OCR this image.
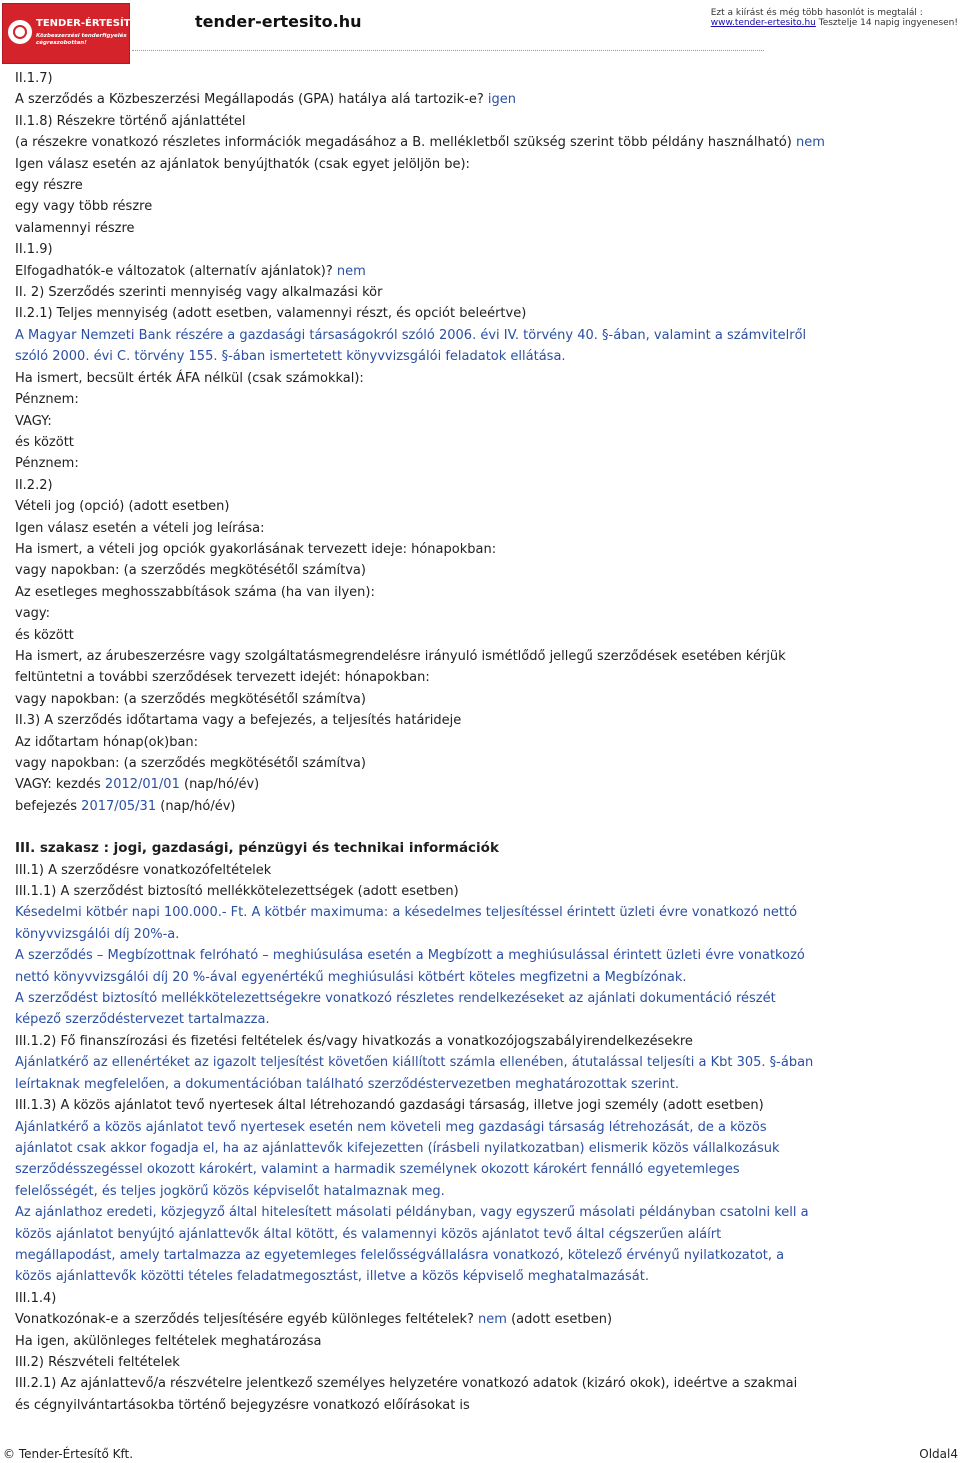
TENDER-ÉRTESÍTŐ.hu
Közbeszerzési tenderfigyelés cégreszobottan!
tender-ertesito.hu	Ezt a kiírást és még több hasonlót is megtalál :
www.tender-ertesito.hu Tesztelje 14 napig ingyenesen!

II.1.7)

A szerződés a Közbeszerzési Megállapodás (GPA) hatálya alá tartozik-e? igen

II.1.8) Részekre történő ajánlattétel

(a részekre vonatkozó részletes információk megadásához a B. mellékletből szükség szerint több példány használható) nem

Igen válasz esetén az ajánlatok benyújthatók (csak egyet jelöljön be):

egy részre

egy vagy több részre

valamennyi részre

II.1.9)

Elfogadhatók-e változatok (alternatív ajánlatok)? nem

II. 2) Szerződés szerinti mennyiség vagy alkalmazási kör

II.2.1) Teljes mennyiség (adott esetben, valamennyi részt, és opciót beleértve)

A Magyar Nemzeti Bank részére a gazdasági társaságokról szóló 2006. évi IV. törvény 40. §-ában, valamint a számvitelről szóló 2000. évi C. törvény 155. §-ában ismertetett könyvvizsgálói feladatok ellátása.

Ha ismert, becsült érték ÁFA nélkül (csak számokkal):

Pénznem:

VAGY:

és között

Pénznem:

II.2.2)

Vételi jog (opció) (adott esetben)

Igen válasz esetén a vételi jog leírása:

Ha ismert, a vételi jog opciók gyakorlásának tervezett ideje: hónapokban:

vagy napokban: (a szerződés megkötésétől számítva)

Az esetleges meghosszabbítások száma (ha van ilyen):

vagy:

és között

Ha ismert, az árubeszerzésre vagy szolgáltatásmegrendelésre irányuló ismétlődő jellegű szerződések esetében kérjük feltüntetni a további szerződések tervezett idejét: hónapokban:

vagy napokban: (a szerződés megkötésétől számítva)

II.3) A szerződés időtartama vagy a befejezés, a teljesítés határideje

Az időtartam hónap(ok)ban:

vagy napokban: (a szerződés megkötésétől számítva)

VAGY: kezdés 2012/01/01 (nap/hó/év)

befejezés 2017/05/31 (nap/hó/év)

III. szakasz : jogi, gazdasági, pénzügyi és technikai információk

III.1) A szerződésre vonatkozófeltételek

III.1.1) A szerződést biztosító mellékkötelezettségek (adott esetben)

Késedelmi kötbér napi 100.000.- Ft. A kötbér maximuma: a késedelmes teljesítéssel érintett üzleti évre vonatkozó nettó könyvvizsgálói díj 20%-a.

A szerződés – Megbízottnak felróható – meghiúsulása esetén a Megbízott a meghiúsulással érintett üzleti évre vonatkozó nettó könyvvizsgálói díj 20 %-ával egyenértékű meghiúsulási kötbért köteles megfizetni a Megbízónak.

A szerződést biztosító mellékkötelezettségekre vonatkozó részletes rendelkezéseket az ajánlati dokumentáció részét képező szerződéstervezet tartalmazza.

III.1.2) Fő finanszírozási és fizetési feltételek és/vagy hivatkozás a vonatkozójogszabályirendelkezésekre

Ajánlatkérő az ellenértéket az igazolt teljesítést követően kiállított számla ellenében, átutalással teljesíti a Kbt 305. §-ában leírtaknak megfelelően, a dokumentációban található szerződéstervezetben meghatározottak szerint.

III.1.3) A közös ajánlatot tevő nyertesek által létrehozandó gazdasági társaság, illetve jogi személy (adott esetben)

Ajánlatkérő a közös ajánlatot tevő nyertesek esetén nem követeli meg gazdasági társaság létrehozását, de a közös ajánlatot csak akkor fogadja el, ha az ajánlattevők kifejezetten (írásbeli nyilatkozatban) elismerik közös vállalkozásuk szerződésszegéssel okozott károkért, valamint a harmadik személynek okozott károkért fennálló egyetemleges felelősségét, és teljes jogkörű közös képviselőt hatalmaznak meg.

Az ajánlathoz eredeti, közjegyző által hitelesített másolati példányban, vagy egyszerű másolati példányban csatolni kell a közös ajánlatot benyújtó ajánlattevők által kötött, és valamennyi közös ajánlatot tevő által cégszerűen aláírt megállapodást, amely tartalmazza az egyetemleges felelősségvállalásra vonatkozó, kötelező érvényű nyilatkozatot, a közös ajánlattevők közötti tételes feladatmegosztást, illetve a közös képviselő meghatalmazását.

III.1.4)

Vonatkozónak-e a szerződés teljesítésére egyéb különleges feltételek? nem (adott esetben)

Ha igen, akülönleges feltételek meghatározása

III.2) Részvételi feltételek

III.2.1) Az ajánlattevő/a részvételre jelentkező személyes helyzetére vonatkozó adatok (kizáró okok), ideértve a szakmai és cégnyilvántartásokba történő bejegyzésre vonatkozó előírásokat is

© Tender-Értesítő Kft.	Oldal4
